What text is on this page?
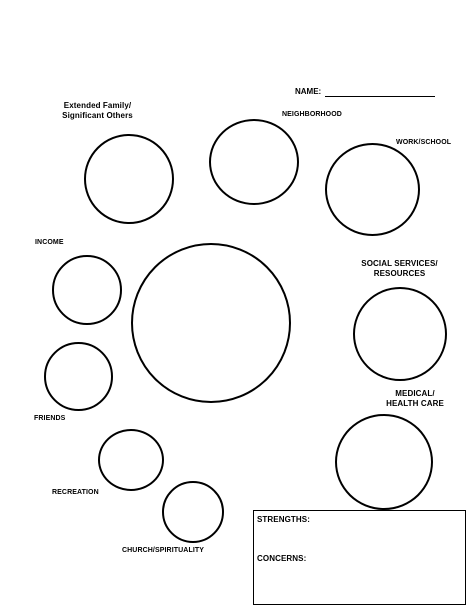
NAME:
Extended Family/
Significant Others	NEIGHBORHOOD
WORK/SCHOOL
INCOME
SOCIAL SERVICES/
RESOURCES
FRIENDS
MEDICAL/
HEALTH CARE
RECREATION
CHURCH/SPIRITUALITY
STRENGTHS:
CONCERNS:
